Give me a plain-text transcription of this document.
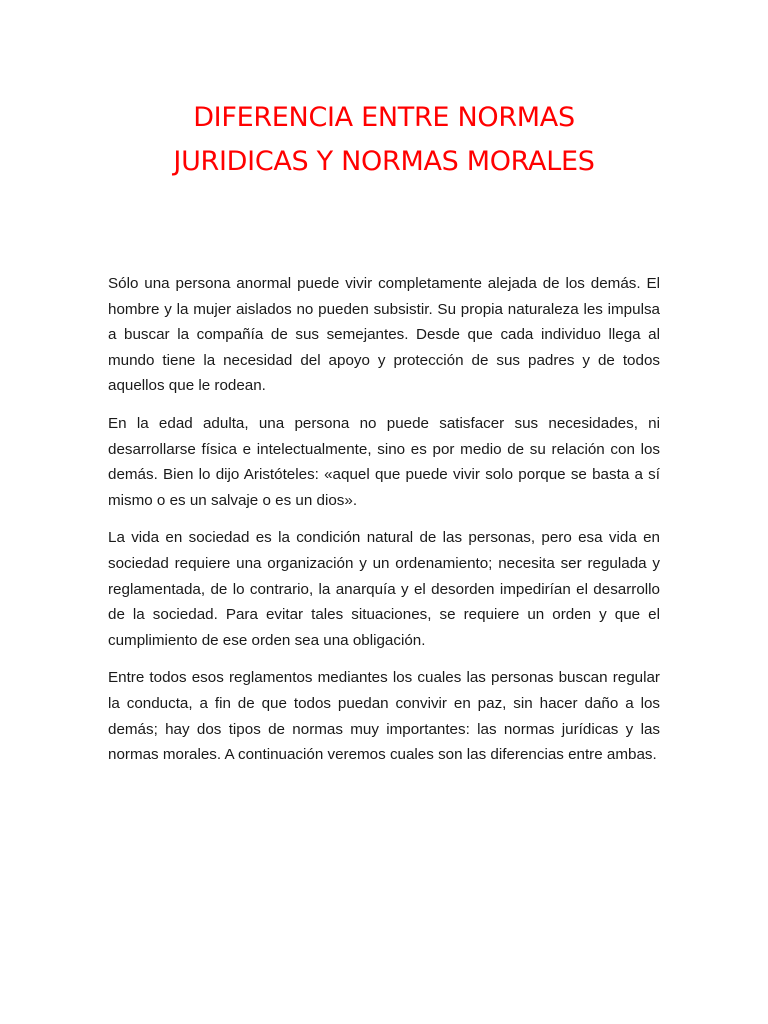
DIFERENCIA ENTRE NORMAS
JURIDICAS Y NORMAS MORALES

Sólo una persona anormal puede vivir completamente alejada de los demás. El hombre y la mujer aislados no pueden subsistir. Su propia naturaleza les impulsa a buscar la compañía de sus semejantes. Desde que cada individuo llega al mundo tiene la necesidad del apoyo y protección de sus padres y de todos aquellos que le rodean.

En la edad adulta, una persona no puede satisfacer sus necesidades, ni desarrollarse física e intelectualmente, sino es por medio de su relación con los demás. Bien lo dijo Aristóteles: «aquel que puede vivir solo porque se basta a sí mismo o es un salvaje o es un dios».

La vida en sociedad es la condición natural de las personas, pero esa vida en sociedad requiere una organización y un ordenamiento; necesita ser regulada y reglamentada, de lo contrario, la anarquía y el desorden impedirían el desarrollo de la sociedad. Para evitar tales situaciones, se requiere un orden y que el cumplimiento de ese orden sea una obligación.

Entre todos esos reglamentos mediantes los cuales las personas buscan regular la conducta, a fin de que todos puedan convivir en paz, sin hacer daño a los demás; hay dos tipos de normas muy importantes: las normas jurídicas y las normas morales. A continuación veremos cuales son las diferencias entre ambas.
